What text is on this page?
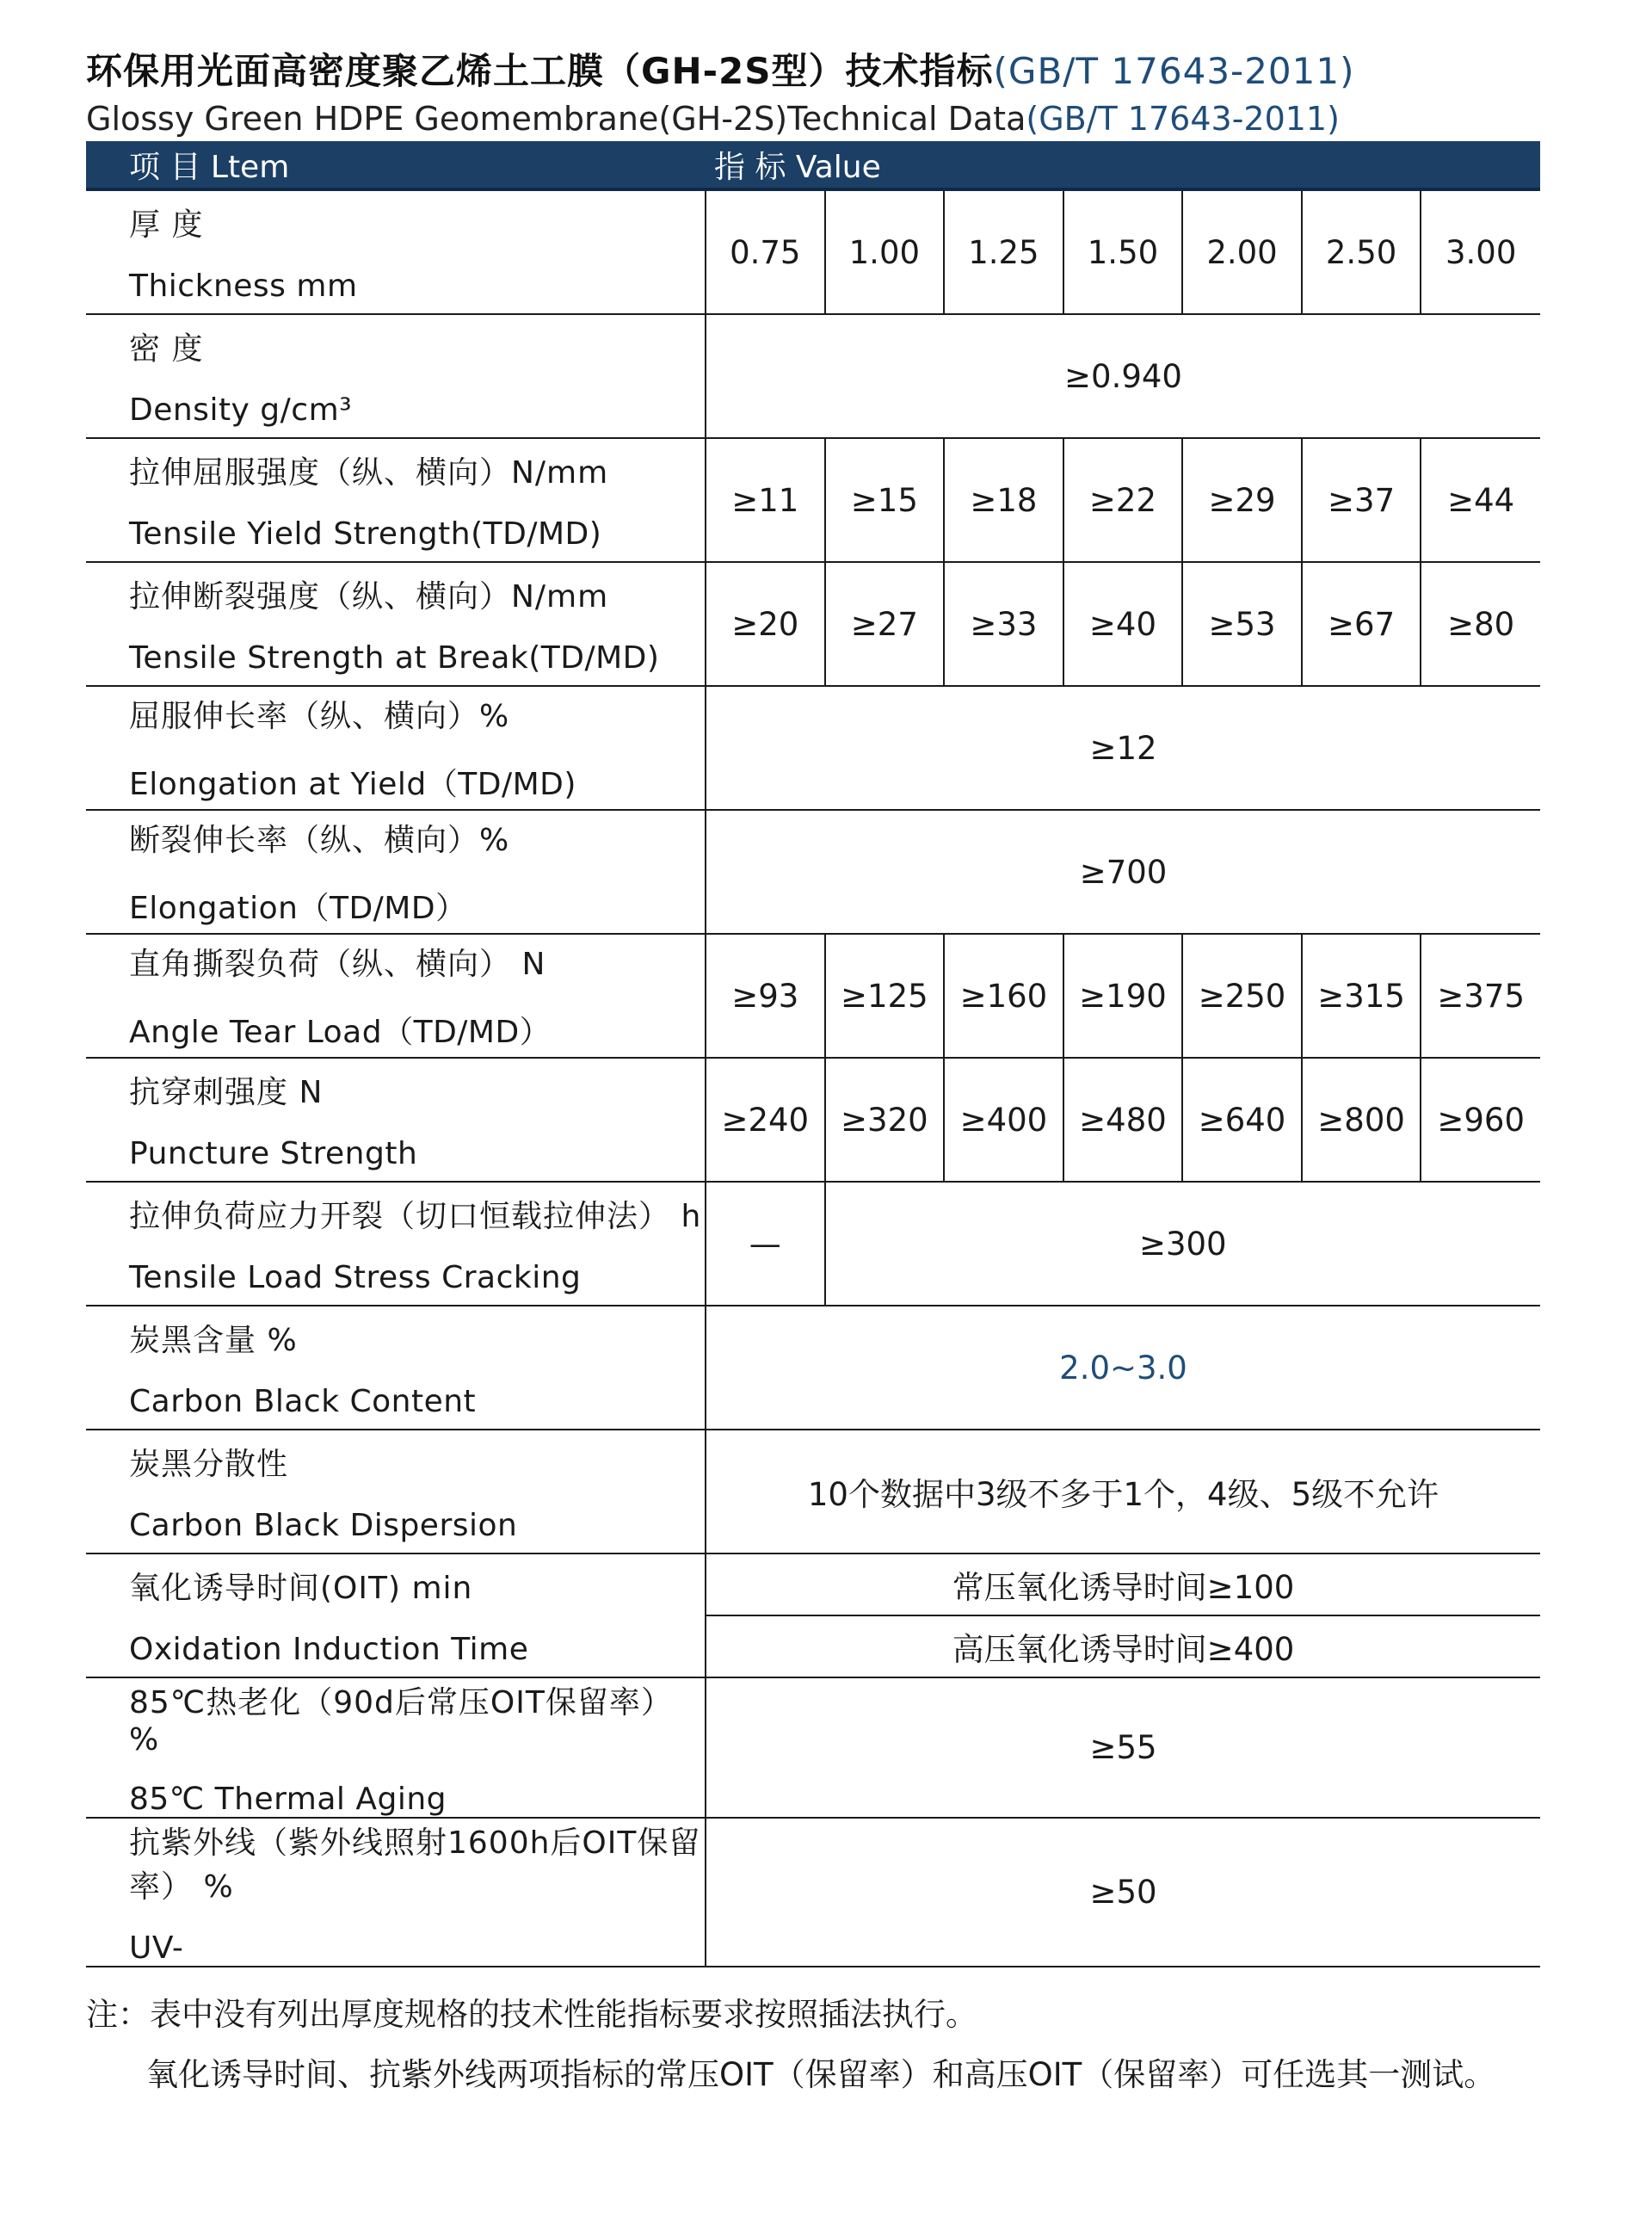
环保用光面高密度聚乙烯土工膜（GH-2S型）技术指标(GB/T 17643-2011)
Glossy Green HDPE Geomembrane(GH-2S)Technical Data(GB/T 17643-2011)
项 目 Ltem	指 标 Value						

厚 度
Thickness mm	0.75	1.00	1.25	1.50	2.00	2.50	3.00

密 度
Density g/cm³	≥0.940						

拉伸屈服强度（纵、横向）N/mm
Tensile Yield Strength(TD/MD)	≥11	≥15	≥18	≥22	≥29	≥37	≥44

拉伸断裂强度（纵、横向）N/mm
Tensile Strength at Break(TD/MD)	≥20	≥27	≥33	≥40	≥53	≥67	≥80

屈服伸长率（纵、横向）%
Elongation at Yield（TD/MD)	≥12						

断裂伸长率（纵、横向）%
Elongation（TD/MD）	≥700						

直角撕裂负荷（纵、横向） N
Angle Tear Load（TD/MD）	≥93	≥125	≥160	≥190	≥250	≥315	≥375

抗穿刺强度 N
Puncture Strength	≥240	≥320	≥400	≥480	≥640	≥800	≥960

拉伸负荷应力开裂（切口恒载拉伸法） h
Tensile Load Stress Cracking	—	≥300					

炭黑含量 %
Carbon Black Content	2.0~3.0						

炭黑分散性
Carbon Black Dispersion	10个数据中3级不多于1个，4级、5级不允许						

氧化诱导时间(OIT) min
Oxidation Induction Time	常压氧化诱导时间≥100						
	高压氧化诱导时间≥400						

85℃热老化（90d后常压OIT保留率） %
85℃ Thermal Aging	≥55						

抗紫外线（紫外线照射1600h后OIT保留率） %
UV-	≥50						
注：表中没有列出厚度规格的技术性能指标要求按照插法执行。
氧化诱导时间、抗紫外线两项指标的常压OIT（保留率）和高压OIT（保留率）可任选其一测试。
